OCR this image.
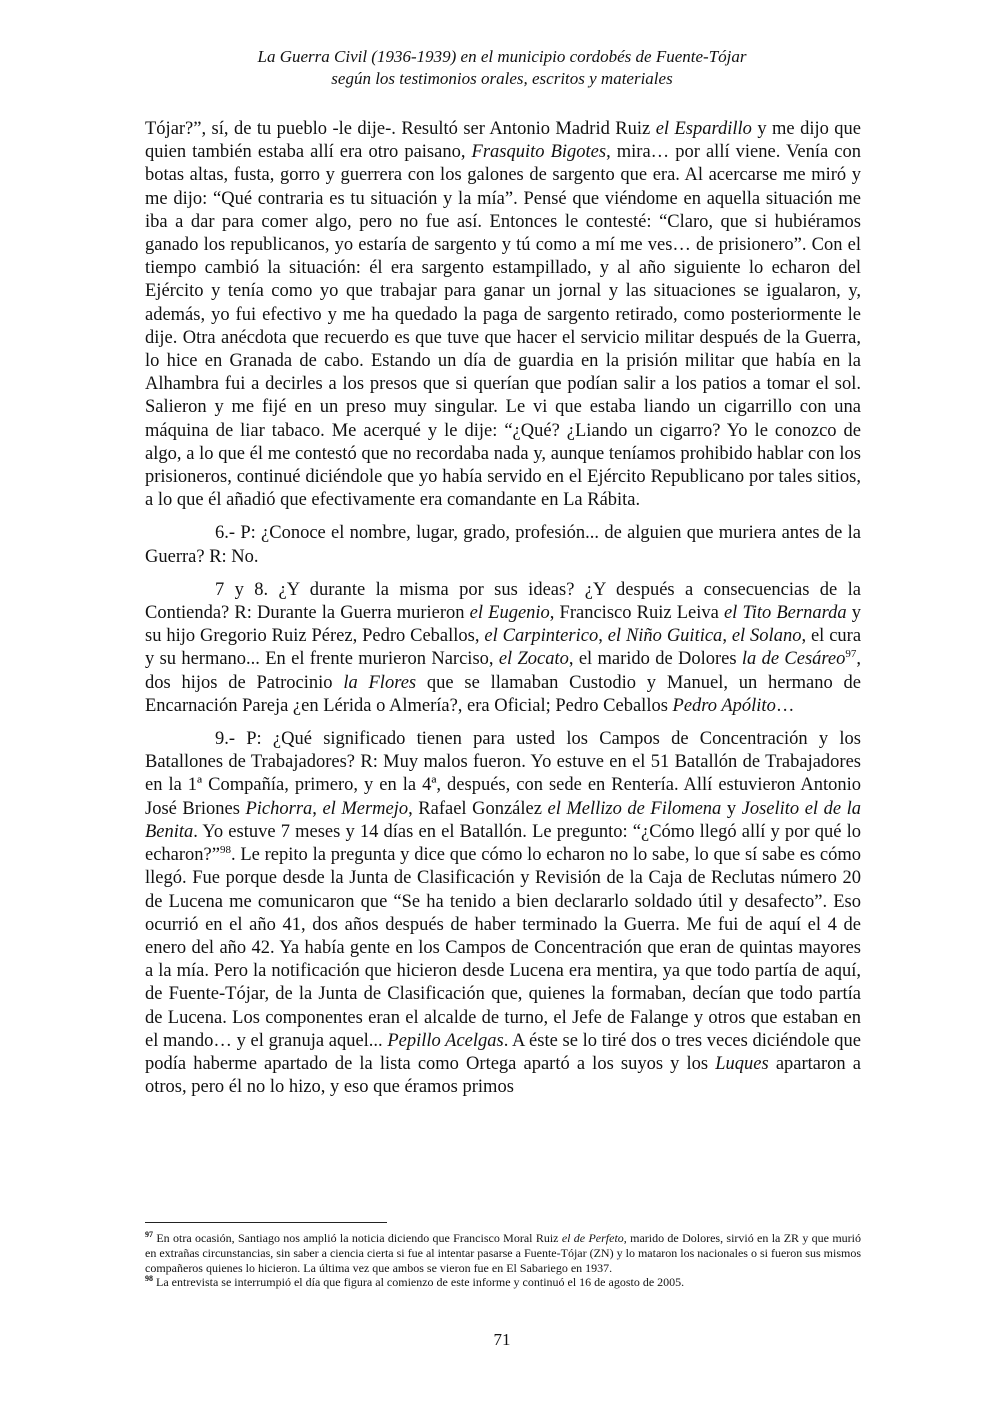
La Guerra Civil (1936-1939) en el municipio cordobés de Fuente-Tójar
según los testimonios orales, escritos y materiales

Tójar?”, sí, de tu pueblo -le dije-. Resultó ser Antonio Madrid Ruiz el Espardillo y me dijo que quien también estaba allí era otro paisano, Frasquito Bigotes, mira… por allí viene. Venía con botas altas, fusta, gorro y guerrera con los galones de sargento que era. Al acercarse me miró y me dijo: “Qué contraria es tu situación y la mía”. Pensé que viéndome en aquella situación me iba a dar para comer algo, pero no fue así. Entonces le contesté: “Claro, que si hubiéramos ganado los republicanos, yo estaría de sargento y tú como a mí me ves… de prisionero”. Con el tiempo cambió la situación: él era sargento estampillado, y al año siguiente lo echaron del Ejército y tenía como yo que trabajar para ganar un jornal y las situaciones se igualaron, y, además, yo fui efectivo y me ha quedado la paga de sargento retirado, como posteriormente le dije. Otra anécdota que recuerdo es que tuve que hacer el servicio militar después de la Guerra, lo hice en Granada de cabo. Estando un día de guardia en la prisión militar que había en la Alhambra fui a decirles a los presos que si querían que podían salir a los patios a tomar el sol. Salieron y me fijé en un preso muy singular. Le vi que estaba liando un cigarrillo con una máquina de liar tabaco. Me acerqué y le dije: “¿Qué? ¿Liando un cigarro? Yo le conozco de algo, a lo que él me contestó que no recordaba nada y, aunque teníamos prohibido hablar con los prisioneros, continué diciéndole que yo había servido en el Ejército Republicano por tales sitios, a lo que él añadió que efectivamente era comandante en La Rábita.

6.- P: ¿Conoce el nombre, lugar, grado, profesión... de alguien que muriera antes de la Guerra? R: No.

7 y 8. ¿Y durante la misma por sus ideas? ¿Y después a consecuencias de la Contienda? R: Durante la Guerra murieron el Eugenio, Francisco Ruiz Leiva el Tito Bernarda y su hijo Gregorio Ruiz Pérez, Pedro Ceballos, el Carpinterico, el Niño Guitica, el Solano, el cura y su hermano... En el frente murieron Narciso, el Zocato, el marido de Dolores la de Cesáreo$^{97}$, dos hijos de Patrocinio la Flores que se llamaban Custodio y Manuel, un hermano de Encarnación Pareja ¿en Lérida o Almería?, era Oficial; Pedro Ceballos Pedro Apólito…

9.- P: ¿Qué significado tienen para usted los Campos de Concentración y los Batallones de Trabajadores? R: Muy malos fueron. Yo estuve en el 51 Batallón de Trabajadores en la 1ª Compañía, primero, y en la 4ª, después, con sede en Rentería. Allí estuvieron Antonio José Briones Pichorra, el Mermejo, Rafael González el Mellizo de Filomena y Joselito el de la Benita. Yo estuve 7 meses y 14 días en el Batallón. Le pregunto: “¿Cómo llegó allí y por qué lo echaron?”$^{98}$. Le repito la pregunta y dice que cómo lo echaron no lo sabe, lo que sí sabe es cómo llegó. Fue porque desde la Junta de Clasificación y Revisión de la Caja de Reclutas número 20 de Lucena me comunicaron que “Se ha tenido a bien declararlo soldado útil y desafecto”. Eso ocurrió en el año 41, dos años después de haber terminado la Guerra. Me fui de aquí el 4 de enero del año 42. Ya había gente en los Campos de Concentración que eran de quintas mayores a la mía. Pero la notificación que hicieron desde Lucena era mentira, ya que todo partía de aquí, de Fuente-Tójar, de la Junta de Clasificación que, quienes la formaban, decían que todo partía de Lucena. Los componentes eran el alcalde de turno, el Jefe de Falange y otros que estaban en el mando… y el granuja aquel... Pepillo Acelgas. A éste se lo tiré dos o tres veces diciéndole que podía haberme apartado de la lista como Ortega apartó a los suyos y los Luques apartaron a otros, pero él no lo hizo, y eso que éramos primos

$^{97}$ En otra ocasión, Santiago nos amplió la noticia diciendo que Francisco Moral Ruiz el de Perfeto, marido de Dolores, sirvió en la ZR y que murió en extrañas circunstancias, sin saber a ciencia cierta si fue al intentar pasarse a Fuente-Tójar (ZN) y lo mataron los nacionales o si fueron sus mismos compañeros quienes lo hicieron. La última vez que ambos se vieron fue en El Sabariego en 1937.

$^{98}$ La entrevista se interrumpió el día que figura al comienzo de este informe y continuó el 16 de agosto de 2005.

71
